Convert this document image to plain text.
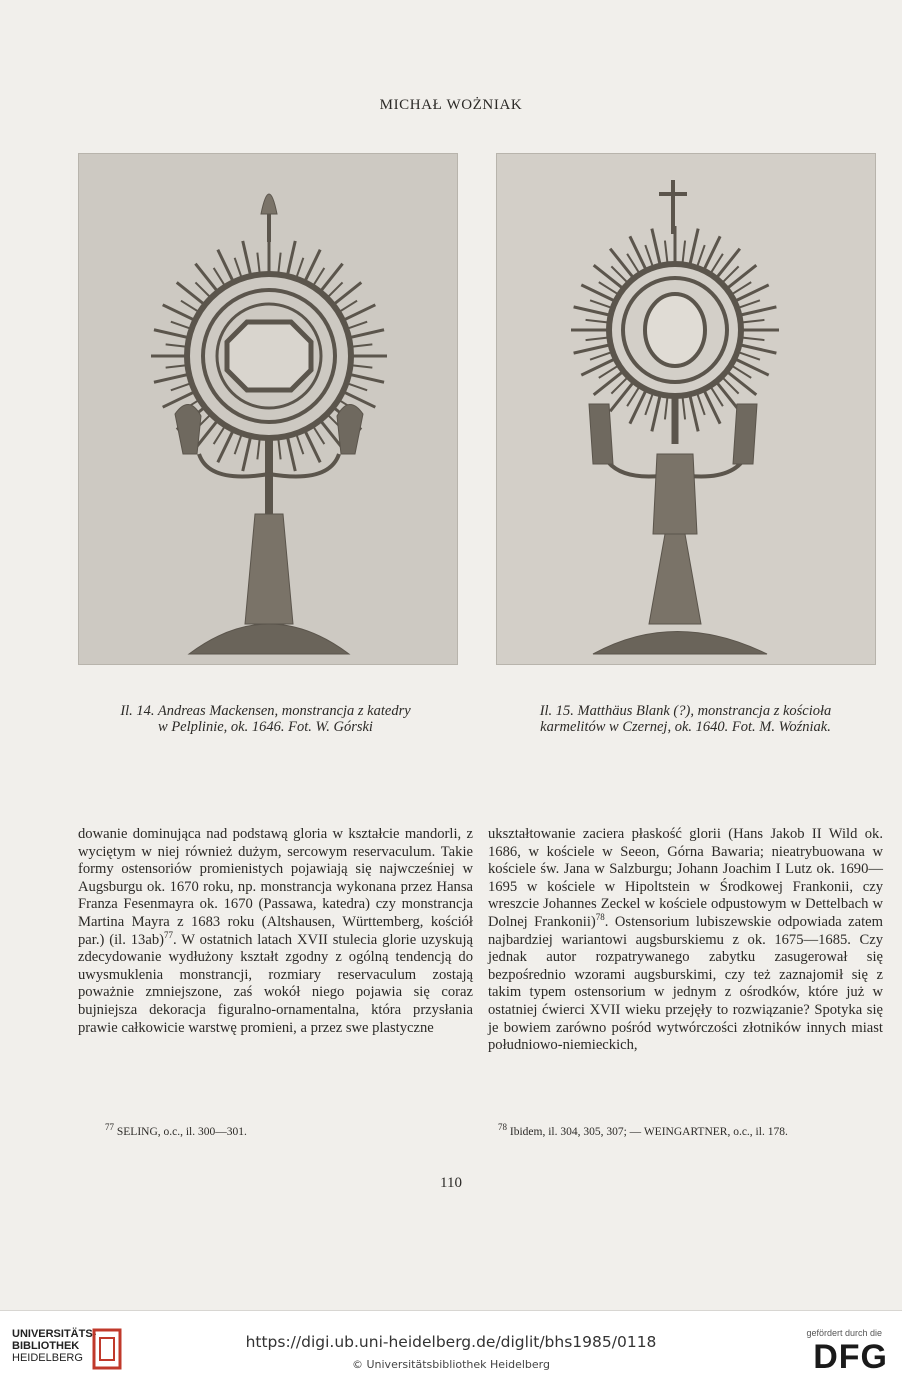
MICHAŁ WOŻNIAK
Il. 14. Andreas Mackensen, monstrancja z katedry
w Pelplinie, ok. 1646. Fot. W. Górski
Il. 15. Matthäus Blank (?), monstrancja z kościoła
karmelitów w Czernej, ok. 1640. Fot. M. Woźniak.

dowanie dominująca nad podstawą gloria w kształcie mandorli, z wyciętym w niej również dużym, sercowym reservaculum. Takie formy ostensoriów promienistych pojawiają się najwcześniej w Augsburgu ok. 1670 roku, np. monstrancja wykonana przez Hansa Franza Fesenmayra ok. 1670 (Passawa, katedra) czy monstrancja Martina Mayra z 1683 roku (Altshausen, Württemberg, kościół par.) (il. 13ab)$^{77}$. W ostatnich latach XVII stulecia glorie uzyskują zdecydowanie wydłużony kształt zgodny z ogólną tendencją do uwysmuklenia monstrancji, rozmiary reservaculum zostają poważnie zmniejszone, zaś wokół niego pojawia się coraz bujniejsza dekoracja figuralno-ornamentalna, która przysłania prawie całkowicie warstwę promieni, a przez swe plastyczne

ukształtowanie zaciera płaskość glorii (Hans Jakob II Wild ok. 1686, w kościele w Seeon, Górna Bawaria; nieatrybuowana w kościele św. Jana w Salzburgu; Johann Joachim I Lutz ok. 1690—1695 w kościele w Hipoltstein w Środkowej Frankonii, czy wreszcie Johannes Zeckel w kościele odpustowym w Dettelbach w Dolnej Frankonii)$^{78}$. Ostensorium lubiszewskie odpowiada zatem najbardziej wariantowi augsburskiemu z ok. 1675—1685. Czy jednak autor rozpatrywanego zabytku zasugerował się bezpośrednio wzorami augsburskimi, czy też zaznajomił się z takim typem ostensorium w jednym z ośrodków, które już w ostatniej ćwierci XVII wieku przejęły to rozwiązanie? Spotyka się je bowiem zarówno pośród wytwórczości złotników innych miast południowo-niemieckich,

$^{77}$ SELING, o.c., il. 300—301.	$^{78}$ Ibidem, il. 304, 305, 307; — WEINGARTNER, o.c., il. 178.
110
UNIVERSITÄTS-
BIBLIOTHEK
HEIDELBERG
https://digi.ub.uni-heidelberg.de/diglit/bhs1985/0118
© Universitätsbibliothek Heidelberg
gefördert durch die
DFG
